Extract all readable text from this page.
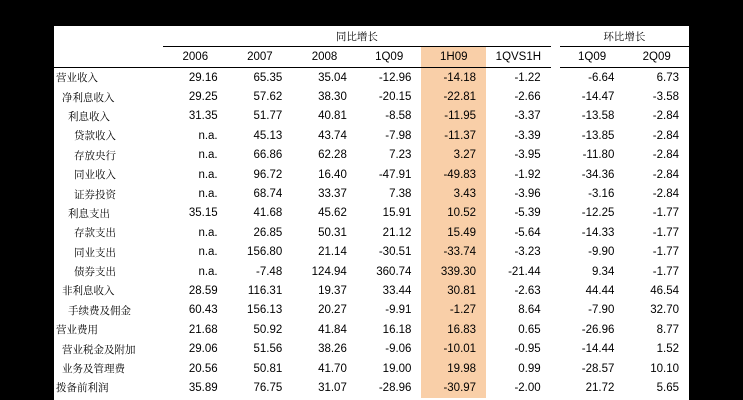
	同比增长							环比增长	
	2006	2007	2008	1Q09	1H09	1QVS1H		1Q09	2Q09
营业收入	29.16	65.35	35.04	-12.96	-14.18	-1.22		-6.64	6.73
净利息收入	29.25	57.62	38.30	-20.15	-22.81	-2.66		-14.47	-3.58
利息收入	31.35	51.77	40.81	-8.58	-11.95	-3.37		-13.58	-2.84
贷款收入	n.a.	45.13	43.74	-7.98	-11.37	-3.39		-13.85	-2.84
存放央行	n.a.	66.86	62.28	7.23	3.27	-3.95		-11.80	-2.84
同业收入	n.a.	96.72	16.40	-47.91	-49.83	-1.92		-34.36	-2.84
证券投资	n.a.	68.74	33.37	7.38	3.43	-3.96		-3.16	-2.84
利息支出	35.15	41.68	45.62	15.91	10.52	-5.39		-12.25	-1.77
存款支出	n.a.	26.85	50.31	21.12	15.49	-5.64		-14.33	-1.77
同业支出	n.a.	156.80	21.14	-30.51	-33.74	-3.23		-9.90	-1.77
债券支出	n.a.	-7.48	124.94	360.74	339.30	-21.44		9.34	-1.77
非利息收入	28.59	116.31	19.37	33.44	30.81	-2.63		44.44	46.54
手续费及佣金	60.43	156.13	20.27	-9.91	-1.27	8.64		-7.90	32.70
营业费用	21.68	50.92	41.84	16.18	16.83	0.65		-26.96	8.77
营业税金及附加	29.06	51.56	38.26	-9.06	-10.01	-0.95		-14.44	1.52
业务及管理费	20.56	50.81	41.70	19.00	19.98	0.99		-28.57	10.10
拨备前利润	35.89	76.75	31.07	-28.96	-30.97	-2.00		21.72	5.65
